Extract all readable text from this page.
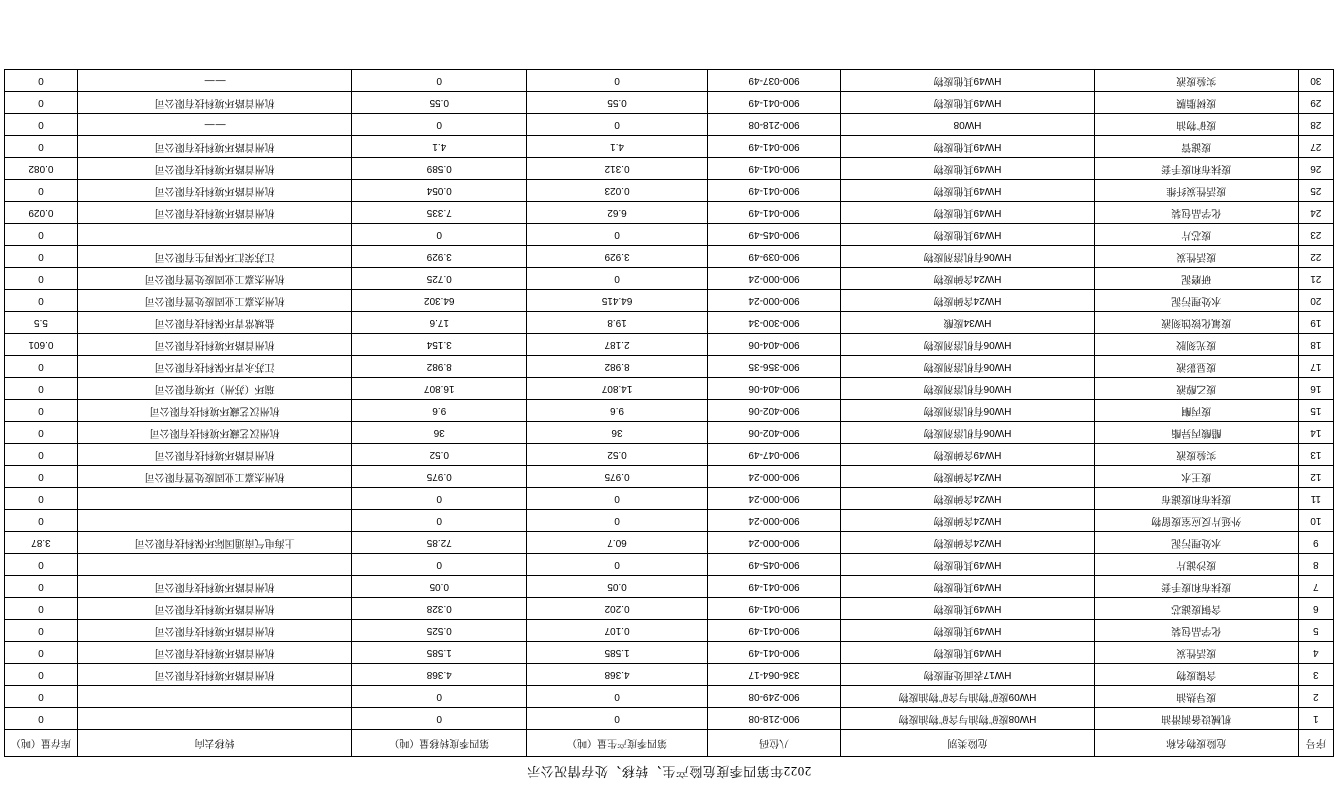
2022年第四季度危险产生、转移、处存情况公示
序号	危险废物名称	危险类别	八位码	第四季度产生量（吨）	第四季度转移量（吨）	转移去向	库存量（吨）
1	机械设备润滑油	HW08废矿物油与含矿物油废物	900-218-08	0	0		0
2	废导热油	HW09废矿物油与含矿物油废物	900-249-08	0	0		0
3	含镍废物	HW17表面处理废物	336-064-17	4.368	4.368	杭州首路环境科技有限公司	0
4	废活性炭	HW49其他废物	900-041-49	1.585	1.585	杭州首路环境科技有限公司	0
5	化学品包装	HW49其他废物	900-041-49	0.107	0.525	杭州首路环境科技有限公司	0
6	含铜废滤芯	HW49其他废物	900-041-49	0.202	0.328	杭州首路环境科技有限公司	0
7	废抹布和废手套	HW49其他废物	900-041-49	0.05	0.05	杭州首路环境科技有限公司	0
8	废沙滤片	HW49其他废物	900-045-49	0	0		0
9	水处理污泥	HW24含砷废物	900-000-24	60.7	72.85	上海电气南通国际环保科技有限公司	3.87
10	外延片反应室废留物	HW24含砷废物	900-000-24	0	0		0
11	废抹布和废滤布	HW24含砷废物	900-000-24	0	0		0
12	废王水	HW24含砷废物	900-000-24	0.975	0.975	杭州杰嘉工业固废处置有限公司	0
13	实验废液	HW49含砷废物	900-047-49	0.52	0.52	杭州首路环境科技有限公司	0
14	醋酸丙异酯	HW06有机溶剂废物	900-402-06	36	36	杭州汉艺藏环境科技有限公司	0
15	废丙酮	HW06有机溶剂废物	900-402-06	9.6	9.6	杭州汉艺藏环境科技有限公司	0
16	废乙醇液	HW06有机溶剂废物	900-404-06	14.807	16.807	瑞环（苏州）环境有限公司	0
17	废显影液	HW06有机溶剂废物	900-356-35	8.982	8.982	江苏永青环保科技有限公司	0
18	废光刻胶	HW06有机溶剂废物	900-404-06	2.187	3.154	杭州首路环境科技有限公司	0.601
19	废氟化铵蚀刻液	HW34废酸	900-300-34	19.8	17.6	盐城常青环保科技有限公司	5.5
20	水处理污泥	HW24含砷废物	900-000-24	64.415	64.302	杭州杰嘉工业固废处置有限公司	0
21	研磨泥	HW24含砷废物	900-000-24	0	0.725	杭州杰嘉工业固废处置有限公司	0
22	废活性炭	HW06有机溶剂废物	900-039-49	3.929	3.929	江苏荣汇环保再生有限公司	0
23	废芯片	HW49其他废物	900-045-49	0	0		0
24	化学品包装	HW49其他废物	900-041-49	6.62	7.335	杭州首路环境科技有限公司	0.029
25	废活性炭纤维	HW49其他废物	900-041-49	0.023	0.054	杭州首路环境科技有限公司	0
26	废抹布和废手套	HW49其他废物	900-041-49	0.312	0.589	杭州首路环境科技有限公司	0.082
27	废滤管	HW49其他废物	900-041-49	4.1	4.1	杭州首路环境科技有限公司	0
28	废矿物油	HW08	900-218-08	0	0	——	0
29	废树脂膜	HW49其他废物	900-041-49	0.55	0.55	杭州首路环境科技有限公司	0
30	实验废液	HW49其他废物	900-037-49	0	0	——	0
